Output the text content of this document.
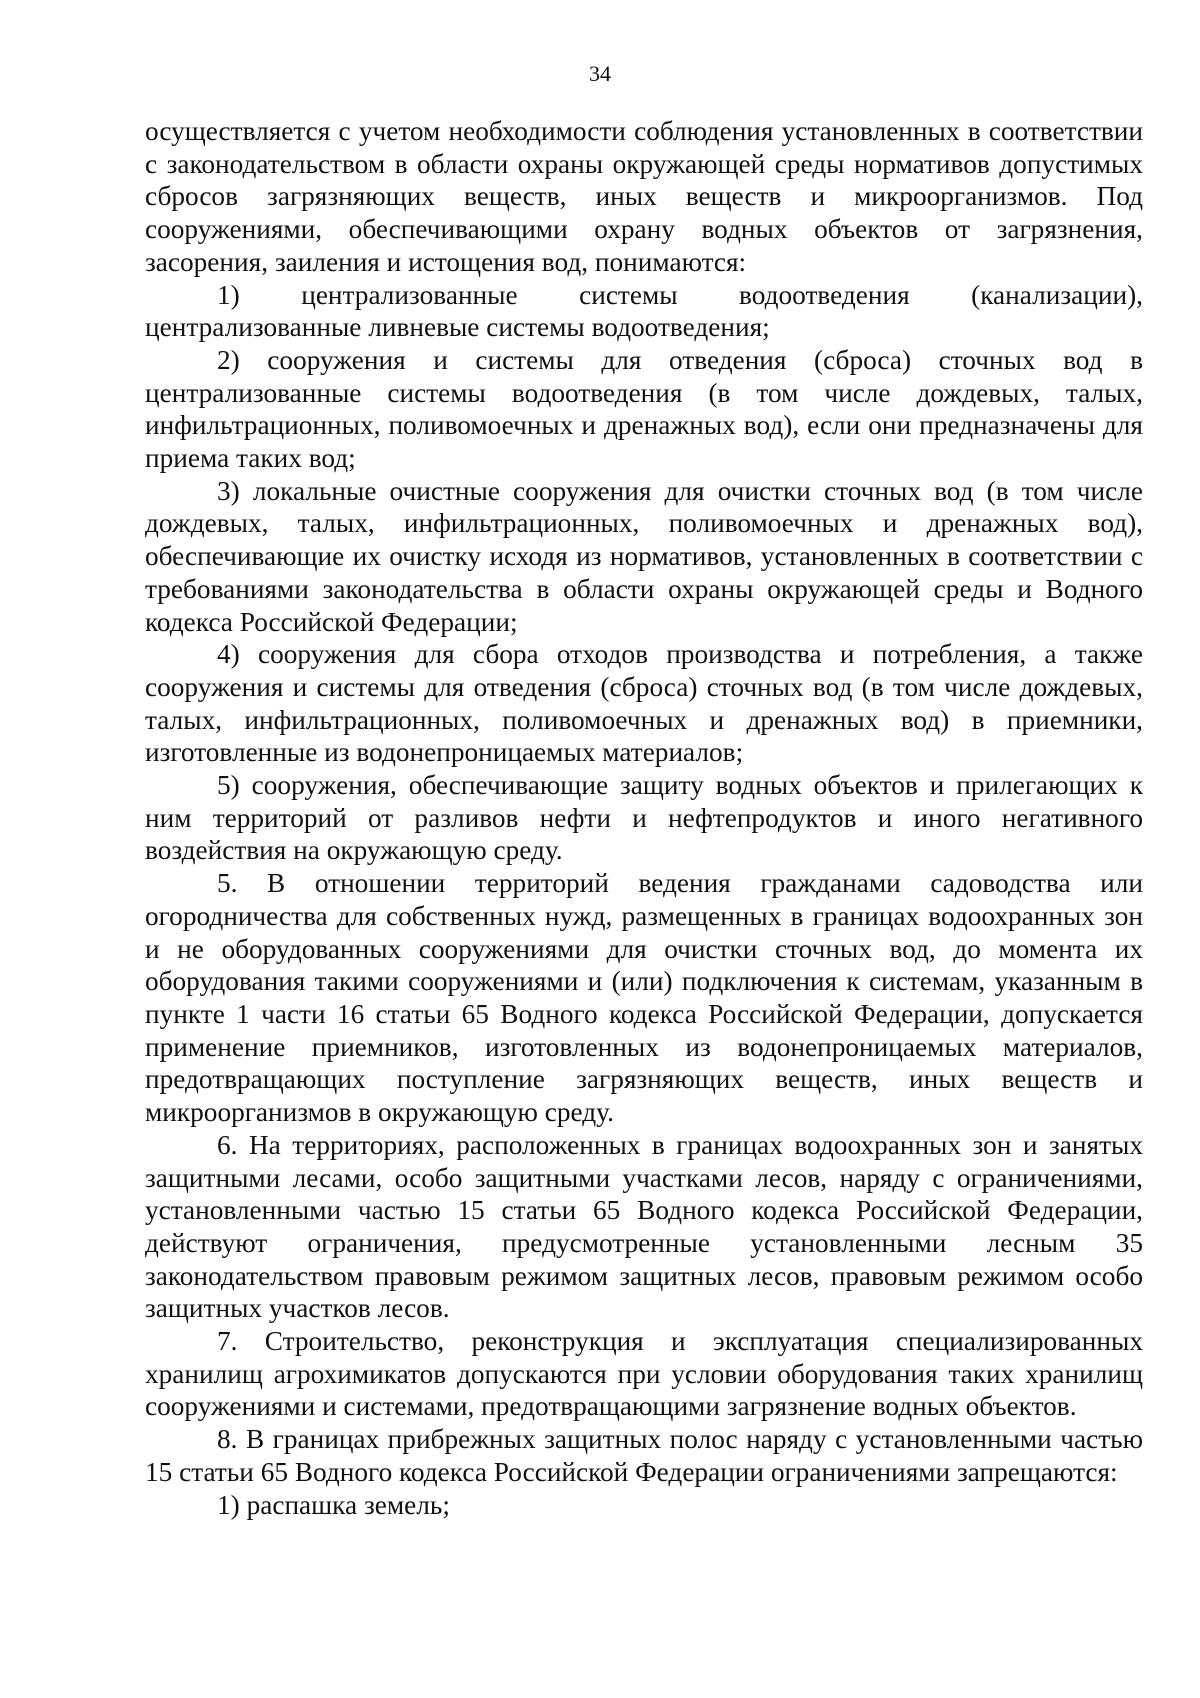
34

осуществляется с учетом необходимости соблюдения установленных в соответствии с законодательством в области охраны окружающей среды нормативов допустимых сбросов загрязняющих веществ, иных веществ и микроорганизмов. Под сооружениями, обеспечивающими охрану водных объектов от загрязнения, засорения, заиления и истощения вод, понимаются:

1) централизованные системы водоотведения (канализации), централизованные ливневые системы водоотведения;

2) сооружения и системы для отведения (сброса) сточных вод в централизованные системы водоотведения (в том числе дождевых, талых, инфильтрационных, поливомоечных и дренажных вод), если они предназначены для приема таких вод;

3) локальные очистные сооружения для очистки сточных вод (в том числе дождевых, талых, инфильтрационных, поливомоечных и дренажных вод), обеспечивающие их очистку исходя из нормативов, установленных в соответствии с требованиями законодательства в области охраны окружающей среды и Водного кодекса Российской Федерации;

4) сооружения для сбора отходов производства и потребления, а также сооружения и системы для отведения (сброса) сточных вод (в том числе дождевых, талых, инфильтрационных, поливомоечных и дренажных вод) в приемники, изготовленные из водонепроницаемых материалов;

5) сооружения, обеспечивающие защиту водных объектов и прилегающих к ним территорий от разливов нефти и нефтепродуктов и иного негативного воздействия на окружающую среду.

5. В отношении территорий ведения гражданами садоводства или огородничества для собственных нужд, размещенных в границах водоохранных зон и не оборудованных сооружениями для очистки сточных вод, до момента их оборудования такими сооружениями и (или) подключения к системам, указанным в пункте 1 части 16 статьи 65 Водного кодекса Российской Федерации, допускается применение приемников, изготовленных из водонепроницаемых материалов, предотвращающих поступление загрязняющих веществ, иных веществ и микроорганизмов в окружающую среду.

6. На территориях, расположенных в границах водоохранных зон и занятых защитными лесами, особо защитными участками лесов, наряду с ограничениями, установленными частью 15 статьи 65 Водного кодекса Российской Федерации, действуют ограничения, предусмотренные установленными лесным 35 законодательством правовым режимом защитных лесов, правовым режимом особо защитных участков лесов.

7. Строительство, реконструкция и эксплуатация специализированных хранилищ агрохимикатов допускаются при условии оборудования таких хранилищ сооружениями и системами, предотвращающими загрязнение водных объектов.

8. В границах прибрежных защитных полос наряду с установленными частью 15 статьи 65 Водного кодекса Российской Федерации ограничениями запрещаются:

1) распашка земель;
